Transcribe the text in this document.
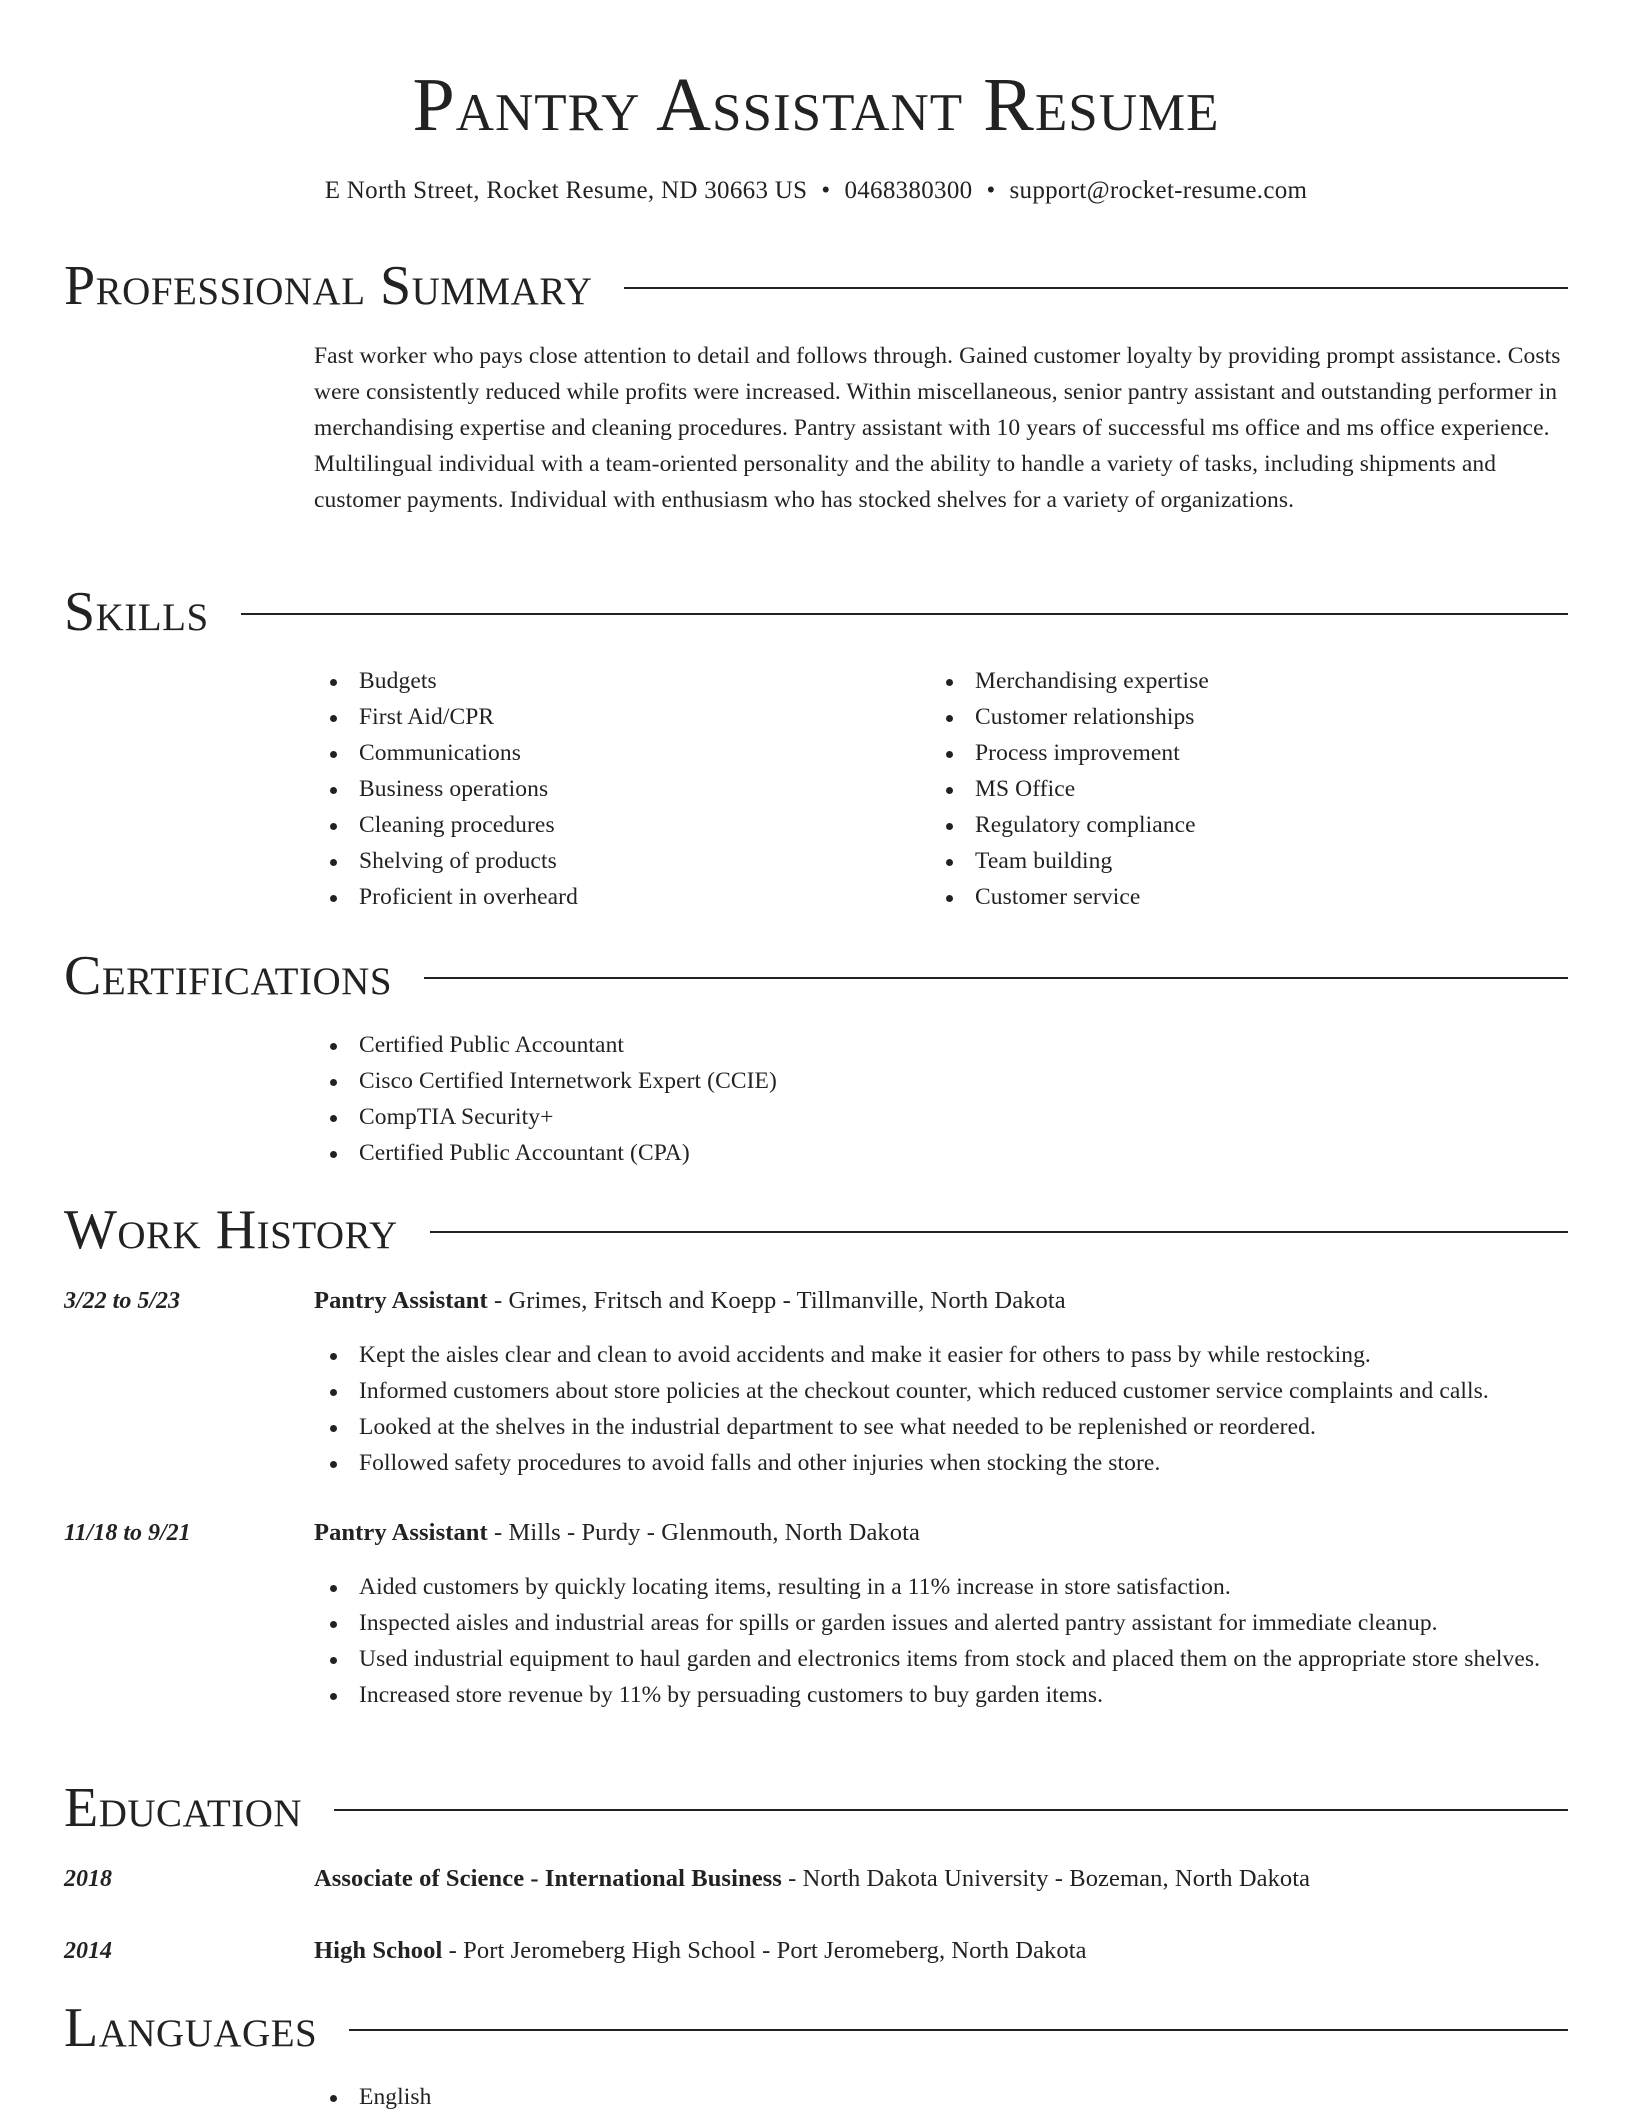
Pantry Assistant Resume
E North Street, Rocket Resume, ND 30663 US • 0468380300 • support@rocket-resume.com
Professional Summary

Fast worker who pays close attention to detail and follows through. Gained customer loyalty by providing prompt assistance. Costs were consistently reduced while profits were increased. Within miscellaneous, senior pantry assistant and outstanding performer in merchandising expertise and cleaning procedures. Pantry assistant with 10 years of successful ms office and ms office experience. Multilingual individual with a team-oriented personality and the ability to handle a variety of tasks, including shipments and customer payments. Individual with enthusiasm who has stocked shelves for a variety of organizations.

Skills
Budgets
First Aid/CPR
Communications
Business operations
Cleaning procedures
Shelving of products
Proficient in overheard
Merchandising expertise
Customer relationships
Process improvement
MS Office
Regulatory compliance
Team building
Customer service
Certifications
Certified Public Accountant
Cisco Certified Internetwork Expert (CCIE)
CompTIA Security+
Certified Public Accountant (CPA)
Work History
3/22 to 5/23	Pantry Assistant - Grimes, Fritsch and Koepp - Tillmanville, North Dakota
Kept the aisles clear and clean to avoid accidents and make it easier for others to pass by while restocking.
Informed customers about store policies at the checkout counter, which reduced customer service complaints and calls.
Looked at the shelves in the industrial department to see what needed to be replenished or reordered.
Followed safety procedures to avoid falls and other injuries when stocking the store.
11/18 to 9/21	Pantry Assistant - Mills - Purdy - Glenmouth, North Dakota
Aided customers by quickly locating items, resulting in a 11% increase in store satisfaction.
Inspected aisles and industrial areas for spills or garden issues and alerted pantry assistant for immediate cleanup.
Used industrial equipment to haul garden and electronics items from stock and placed them on the appropriate store shelves.
Increased store revenue by 11% by persuading customers to buy garden items.
Education
2018	Associate of Science - International Business - North Dakota University - Bozeman, North Dakota
2014	High School - Port Jeromeberg High School - Port Jeromeberg, North Dakota
Languages
English
